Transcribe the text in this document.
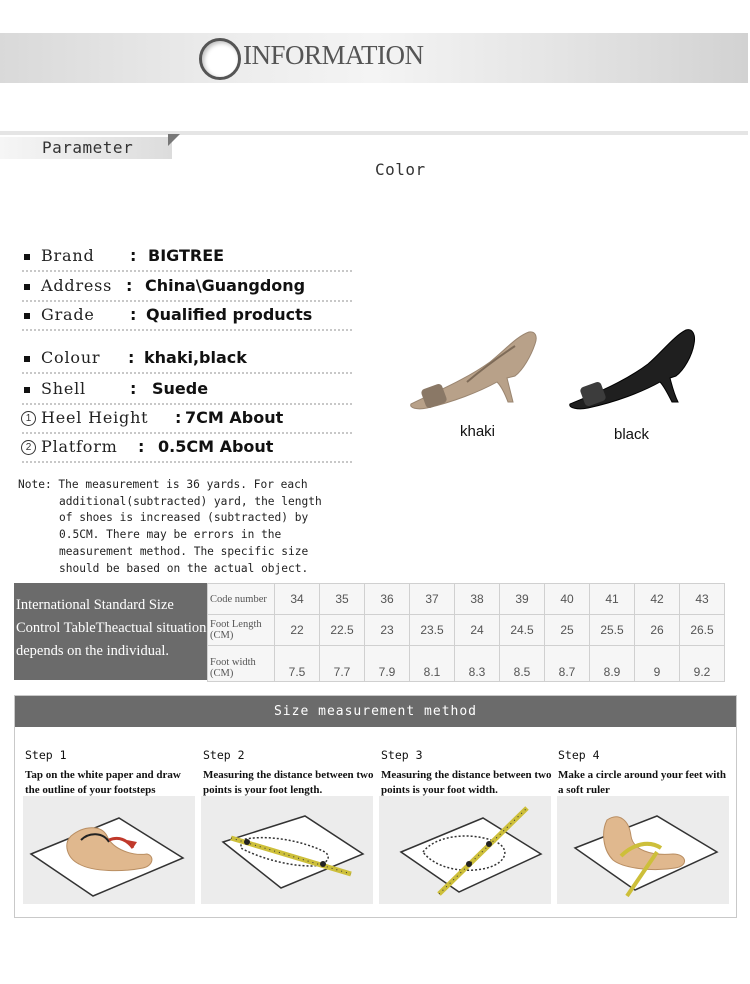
INFORMATION
Parameter
Color
Brand : BIGTREE
Address : China\Guangdong
Grade : Qualified products
Colour : khaki,black
Shell	: Suede
1 Heel Height : 7CM About
2 Platform : 0.5CM About
khaki	black
Note: The measurement is 36 yards. For each
additional(subtracted) yard, the length
of shoes is increased (subtracted) by
0.5CM. There may be errors in the
measurement method. The specific size
should be based on the actual object.
International Standard Size
Control TableTheactual situation
depends on the individual.
Code number	34	35	36	37	38	39	40	41	42	43
Foot Length (CM)	22	22.5	23	23.5	24	24.5	25	25.5	26	26.5
Foot width (CM)	7.5	7.7	7.9	8.1	8.3	8.5	8.7	8.9	9	9.2
Size measurement method
Step 1
Tap on the white paper and draw the outline of your footsteps
Step 2
Measuring the distance between two points is your foot length.
Step 3
Measuring the distance between two points is your foot width.
Step 4
Make a circle around your feet with a soft ruler
